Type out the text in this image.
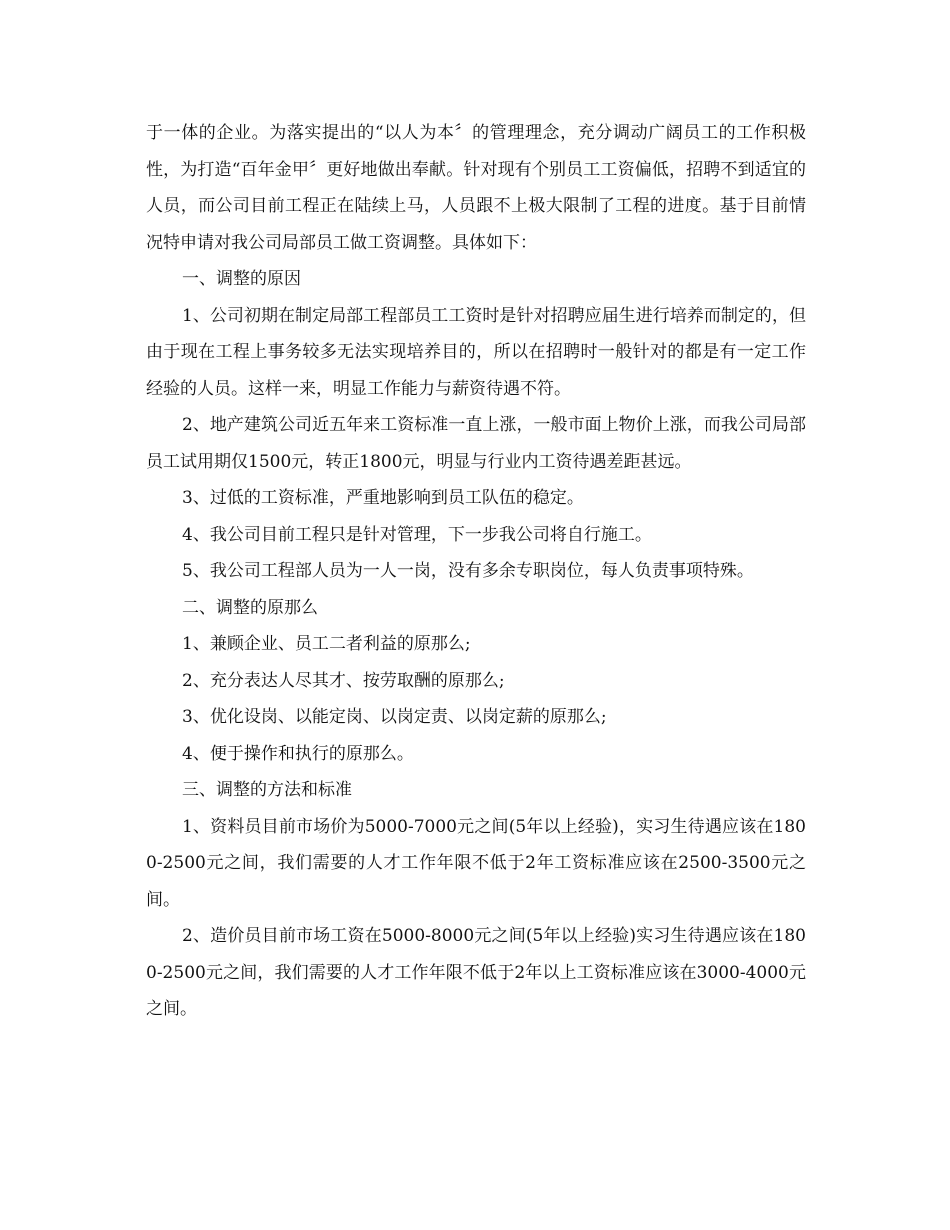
于一体的企业。为落实提出的“以人为本〞的管理理念，充分调动广阔员工的工作积极性，为打造“百年金甲〞更好地做出奉献。针对现有个别员工工资偏低，招聘不到适宜的人员，而公司目前工程正在陆续上马，人员跟不上极大限制了工程的进度。基于目前情况特申请对我公司局部员工做工资调整。具体如下：

一、调整的原因

1、公司初期在制定局部工程部员工工资时是针对招聘应届生进行培养而制定的，但由于现在工程上事务较多无法实现培养目的，所以在招聘时一般针对的都是有一定工作经验的人员。这样一来，明显工作能力与薪资待遇不符。

2、地产建筑公司近五年来工资标准一直上涨，一般市面上物价上涨，而我公司局部员工试用期仅1500元，转正1800元，明显与行业内工资待遇差距甚远。

3、过低的工资标准，严重地影响到员工队伍的稳定。

4、我公司目前工程只是针对管理，下一步我公司将自行施工。

5、我公司工程部人员为一人一岗，没有多余专职岗位，每人负责事项特殊。

二、调整的原那么

1、兼顾企业、员工二者利益的原那么;

2、充分表达人尽其才、按劳取酬的原那么;

3、优化设岗、以能定岗、以岗定责、以岗定薪的原那么;

4、便于操作和执行的原那么。

三、调整的方法和标准

1、资料员目前市场价为5000-7000元之间(5年以上经验)，实习生待遇应该在1800-2500元之间，我们需要的人才工作年限不低于2年工资标准应该在2500-3500元之间。

2、造价员目前市场工资在5000-8000元之间(5年以上经验)实习生待遇应该在1800-2500元之间，我们需要的人才工作年限不低于2年以上工资标准应该在3000-4000元之间。
